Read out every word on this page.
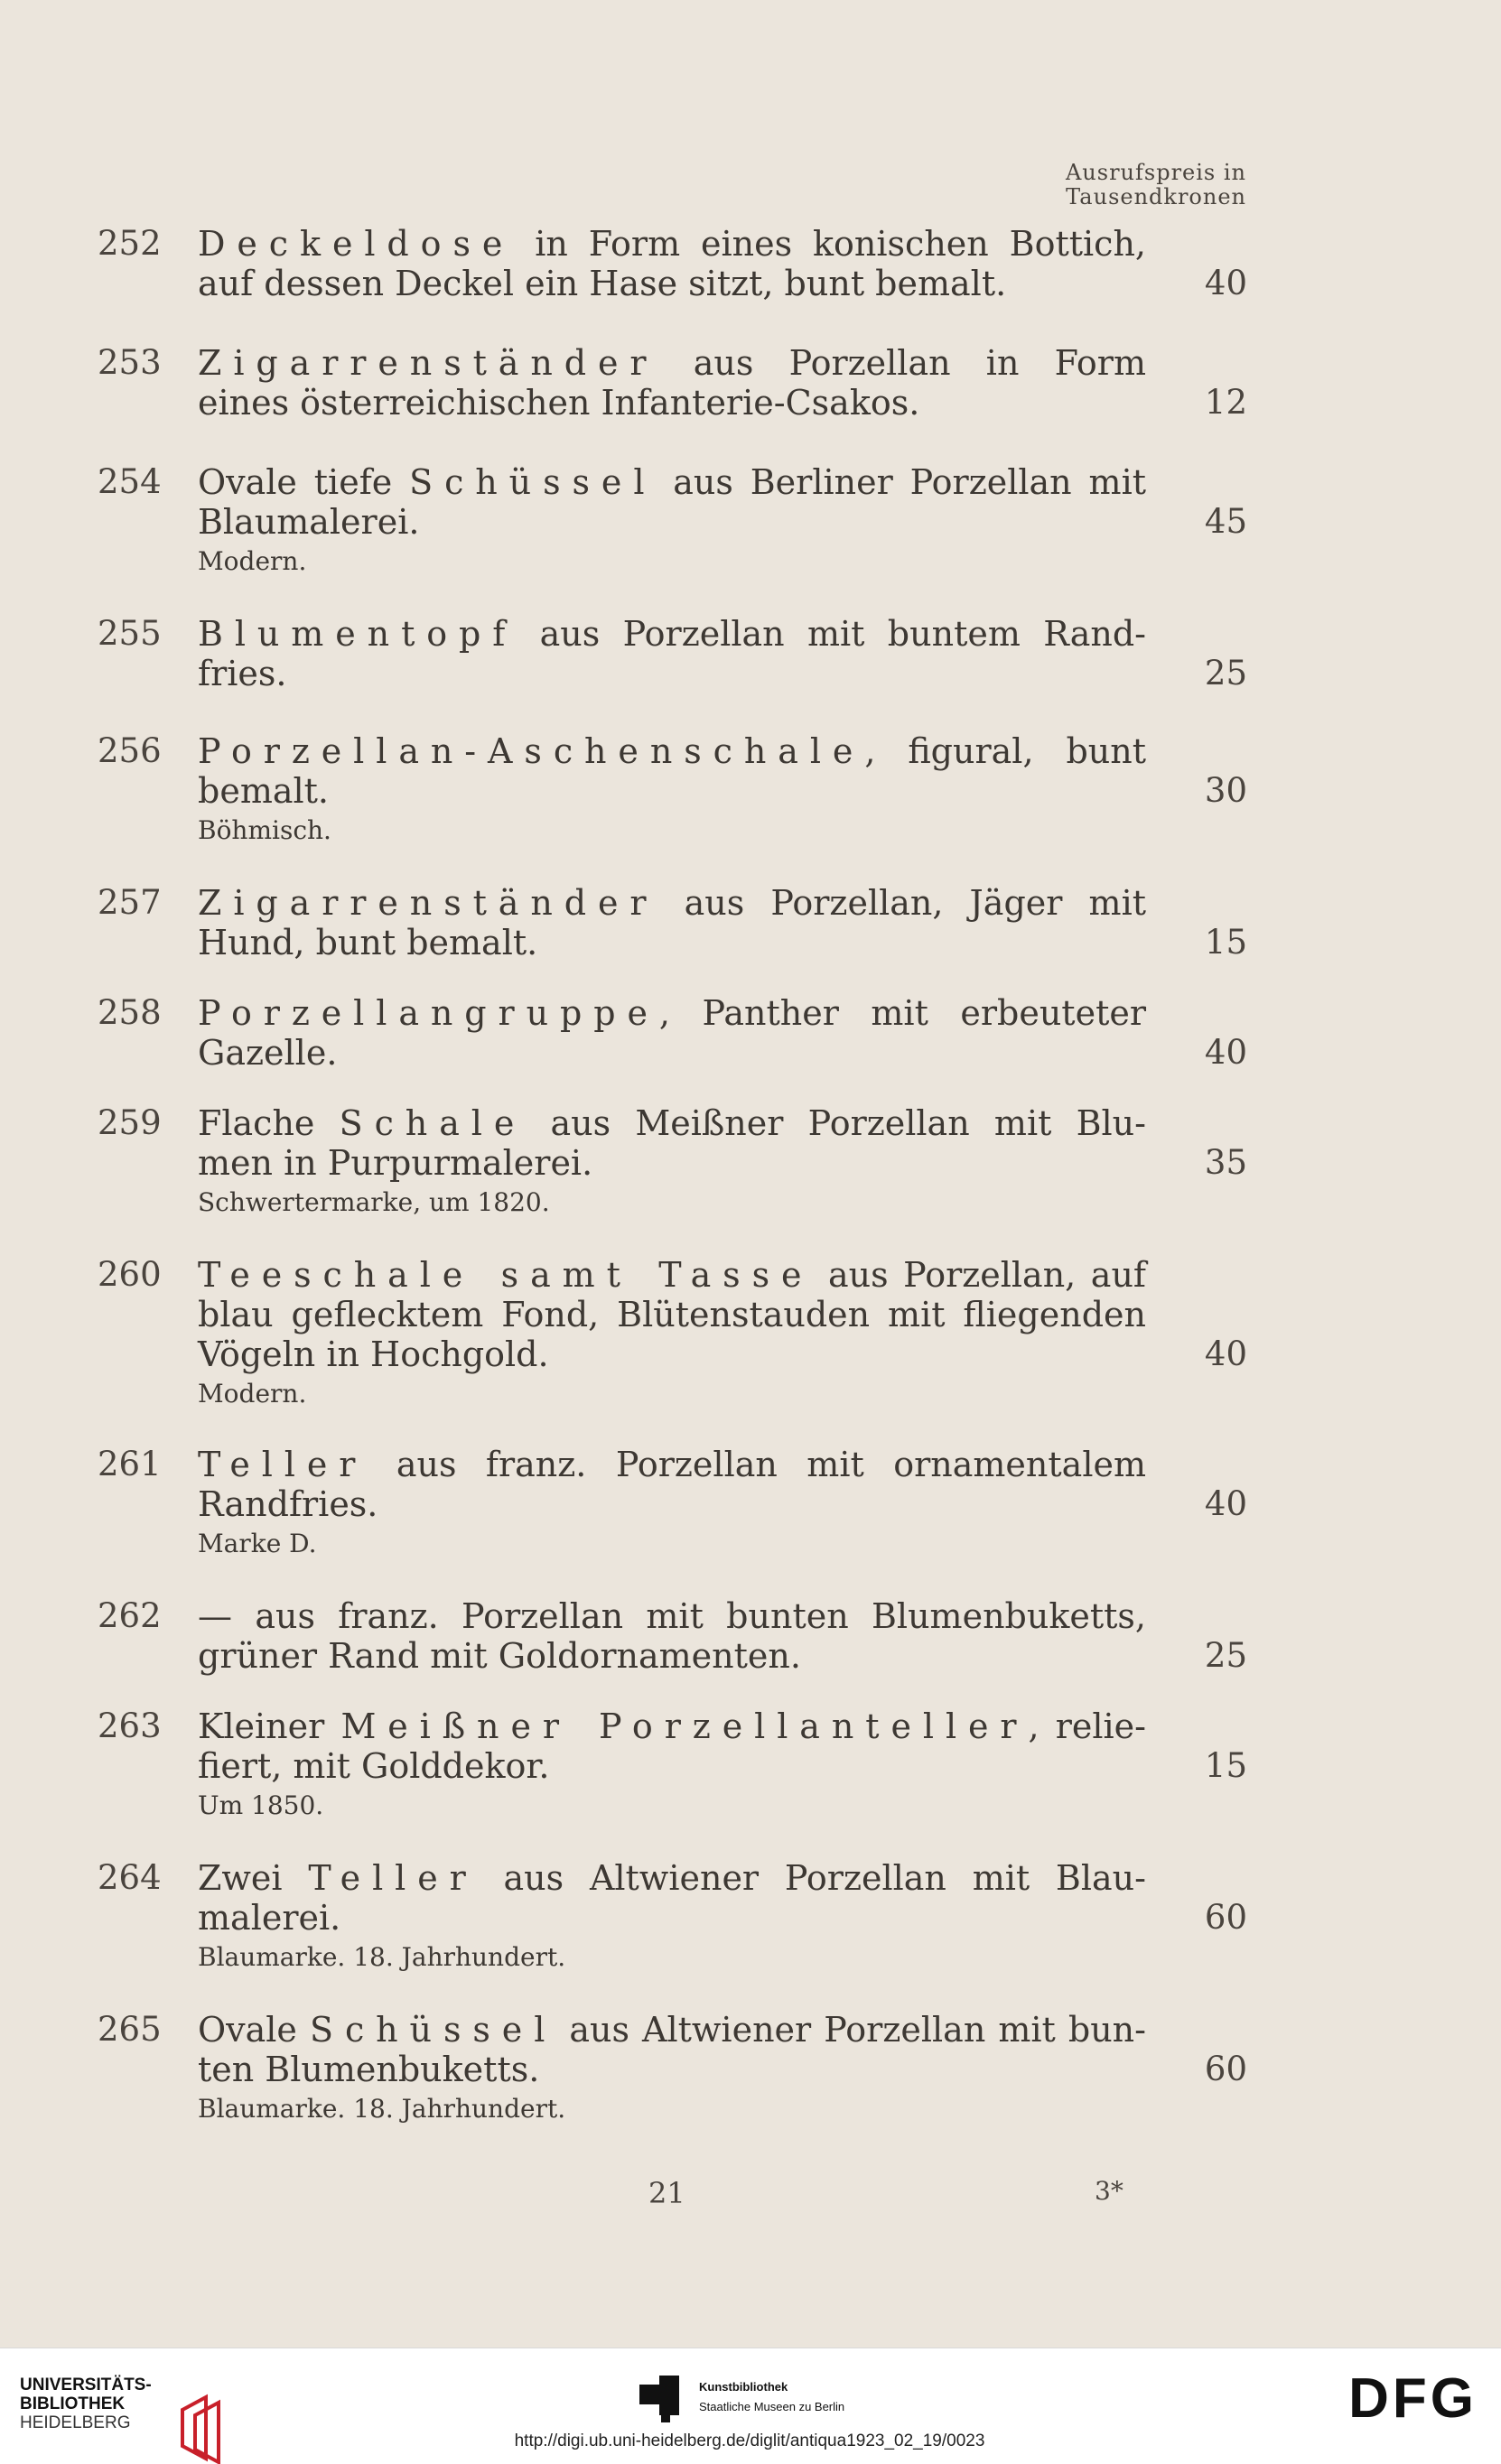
Ausrufspreis in
Tausendkronen
252 Deckeldose in Form eines konischen Bottich,
auf dessen Deckel ein Hase sitzt, bunt bemalt.	40
253 Zigarrenständer aus Porzellan in Form
eines österreichischen Infanterie-Csakos.	12
254 Ovale tiefe Schüssel aus Berliner Porzellan mit
Blaumalerei.
Modern.
45
255 Blumentopf aus Porzellan mit buntem Rand-
fries.	25
256 Porzellan-Aschenschale, figural, bunt
bemalt.
Böhmisch.
30
257 Zigarrenständer aus Porzellan, Jäger mit
Hund, bunt bemalt.	15
258 Porzellangruppe, Panther mit erbeuteter
Gazelle.	40
259 Flache Schale aus Meißner Porzellan mit Blu-
men in Purpurmalerei.
Schwertermarke, um 1820.
35
260 Teeschale samt Tasse aus Porzellan, auf
blau geflecktem Fond, Blütenstauden mit fliegenden
Vögeln in Hochgold.
Modern.
40
261 Teller aus franz. Porzellan mit ornamentalem
Randfries.
Marke D.
40
262 — aus franz. Porzellan mit bunten Blumenbuketts,
grüner Rand mit Goldornamenten.	25
263 Kleiner Meißner Porzellanteller, relie-
fiert, mit Golddekor.
Um 1850.
15
264 Zwei Teller aus Altwiener Porzellan mit Blau-
malerei.
Blaumarke. 18. Jahrhundert.
60
265 Ovale Schüssel aus Altwiener Porzellan mit bun-
ten Blumenbuketts.
Blaumarke. 18. Jahrhundert.
60
21	3*
UNIVERSITÄTS-
BIBLIOTHEK
HEIDELBERG
Kunstbibliothek
Staatliche Museen zu Berlin	DFG
http://digi.ub.uni-heidelberg.de/diglit/antiqua1923_02_19/0023
